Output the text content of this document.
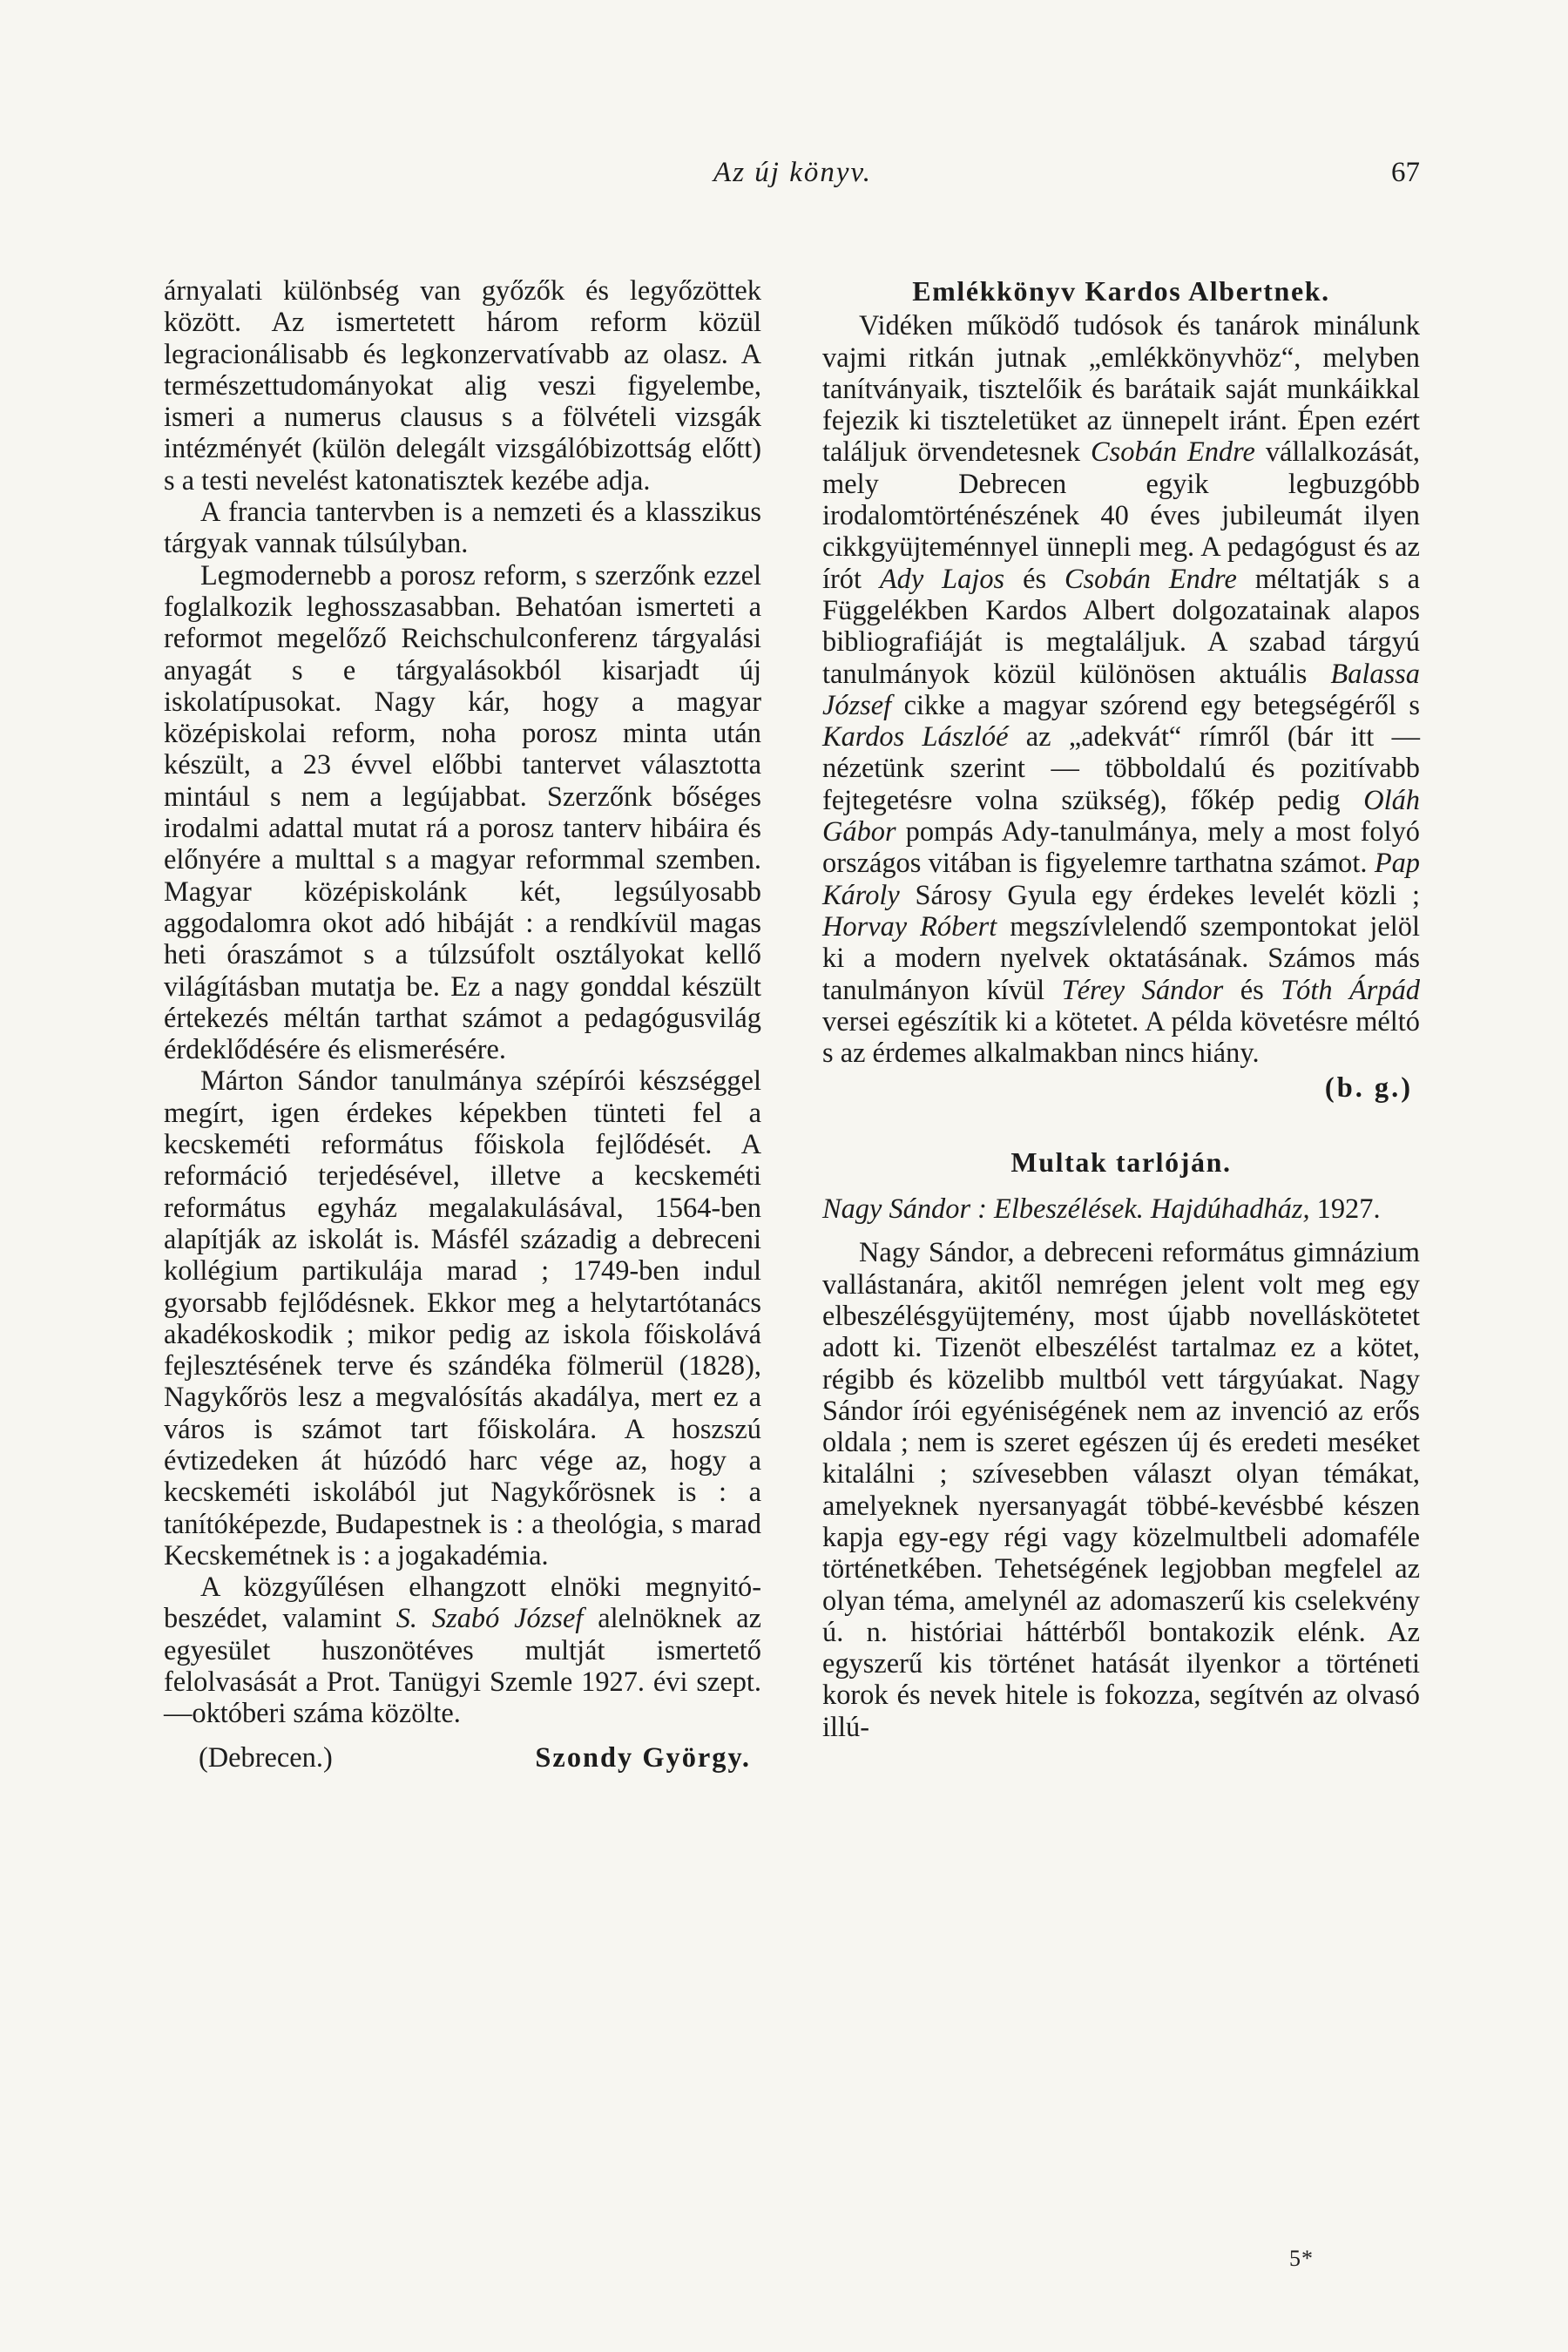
Az új könyv.	67

árnyalati különbség van győzők és legyőzöttek között. Az ismertetett három reform közül legracionálisabb és legkonzervatívabb az olasz. A természettudományokat alig veszi figyelembe, ismeri a numerus clausus s a fölvételi vizsgák intézményét (külön delegált vizsgálóbizottság előtt) s a testi nevelést katonatisztek kezébe adja.

A francia tantervben is a nemzeti és a klasszikus tárgyak vannak túlsúlyban.

Legmodernebb a porosz reform, s szerzőnk ezzel foglalkozik leghosszasabban. Behatóan ismerteti a reformot megelőző Reichschulconferenz tárgyalási anyagát s e tárgyalásokból kisarjadt új iskolatípusokat. Nagy kár, hogy a magyar középiskolai reform, noha porosz minta után készült, a 23 évvel előbbi tantervet választotta mintául s nem a legújabbat. Szerzőnk bőséges irodalmi adattal mutat rá a porosz tanterv hibáira és előnyére a multtal s a magyar reformmal szemben. Magyar középiskolánk két, legsúlyosabb aggodalomra okot adó hibáját : a rendkívül magas heti óraszámot s a túlzsúfolt osztályokat kellő világításban mutatja be. Ez a nagy gonddal készült értekezés méltán tarthat számot a pedagógusvilág érdeklődésére és elismerésére.

Márton Sándor tanulmánya szépírói készséggel megírt, igen érdekes képekben tünteti fel a kecskeméti református főiskola fejlődését. A reformáció terjedésével, illetve a kecskeméti református egyház megalakulásával, 1564-ben alapítják az iskolát is. Másfél századig a debreceni kollégium partikulája marad ; 1749-ben indul gyorsabb fejlődésnek. Ekkor meg a helytartótanács akadékoskodik ; mikor pedig az iskola főiskolává fejlesztésének terve és szándéka fölmerül (1828), Nagykőrös lesz a megvalósítás akadálya, mert ez a város is számot tart főiskolára. A hoszszú évtizedeken át húzódó harc vége az, hogy a kecskeméti iskolából jut Nagykőrösnek is : a tanítóképezde, Budapestnek is : a theológia, s marad Kecskemétnek is : a jogakadémia.

A közgyűlésen elhangzott elnöki megnyitó-beszédet, valamint S. Szabó József alelnöknek az egyesület huszonötéves multját ismertető felolvasását a Prot. Tanügyi Szemle 1927. évi szept.—októberi száma közölte.

(Debrecen.)	Szondy György.
Emlékkönyv Kardos Albertnek.

Vidéken működő tudósok és tanárok minálunk vajmi ritkán jutnak „emlékkönyvhöz“, melyben tanítványaik, tisztelőik és barátaik saját munkáikkal fejezik ki tiszteletüket az ünnepelt iránt. Épen ezért találjuk örvendetesnek Csobán Endre vállalkozását, mely Debrecen egyik legbuzgóbb irodalomtörténészének 40 éves jubileumát ilyen cikkgyüjteménnyel ünnepli meg. A pedagógust és az írót Ady Lajos és Csobán Endre méltatják s a Függelékben Kardos Albert dolgozatainak alapos bibliografiáját is megtaláljuk. A szabad tárgyú tanulmányok közül különösen aktuális Balassa József cikke a magyar szórend egy betegségéről s Kardos Lászlóé az „adekvát“ rímről (bár itt — nézetünk szerint — többoldalú és pozitívabb fejtegetésre volna szükség), főkép pedig Oláh Gábor pompás Ady-tanulmánya, mely a most folyó országos vitában is figyelemre tarthatna számot. Pap Károly Sárosy Gyula egy érdekes levelét közli ; Horvay Róbert megszívlelendő szempontokat jelöl ki a modern nyelvek oktatásának. Számos más tanulmányon kívül Térey Sándor és Tóth Árpád versei egészítik ki a kötetet. A példa követésre méltó s az érdemes alkalmakban nincs hiány.

(b. g.)
Multak tarlóján.

Nagy Sándor : Elbeszélések. Hajdúhadház, 1927.

Nagy Sándor, a debreceni református gimnázium vallástanára, akitől nemrégen jelent volt meg egy elbeszélésgyüjtemény, most újabb novelláskötetet adott ki. Tizenöt elbeszélést tartalmaz ez a kötet, régibb és közelibb multból vett tárgyúakat. Nagy Sándor írói egyéniségének nem az invenció az erős oldala ; nem is szeret egészen új és eredeti meséket kitalálni ; szívesebben választ olyan témákat, amelyeknek nyersanyagát többé-kevésbbé készen kapja egy-egy régi vagy közelmultbeli adomaféle történetkében. Tehetségének legjobban megfelel az olyan téma, amelynél az adomaszerű kis cselekvény ú. n. históriai háttérből bontakozik elénk. Az egyszerű kis történet hatását ilyenkor a történeti korok és nevek hitele is fokozza, segítvén az olvasó illú-

5*
